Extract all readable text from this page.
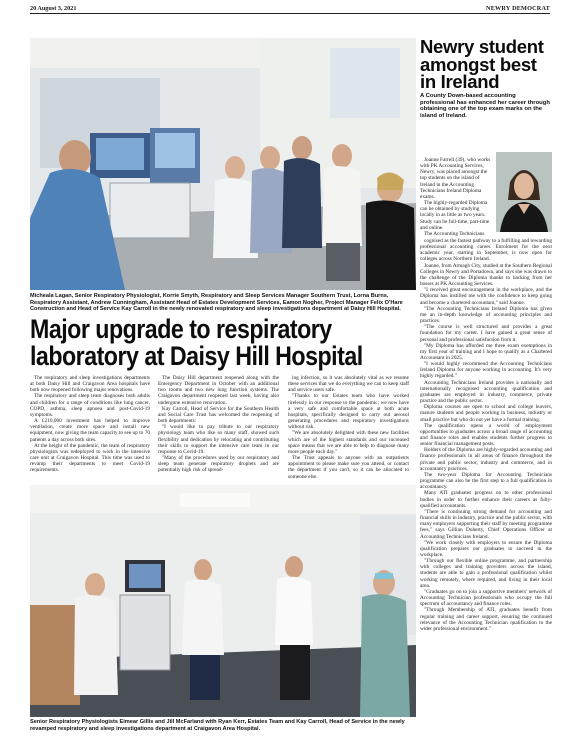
20 August 3, 2021	NEWRY DEMOCRAT
Micheala Lagan, Senior Respiratory Physiologist, Korrie Smyth, Respiratory and Sleep Services Manager Southern Trust, Lorna Burns, Respiratory Assistant, Andrew Cunningham, Assistant Head of Estates Development Services, Eamon Nogher, Project Manager Felix O'Hare Construction and Head of Service Kay Carroll in the newly renovated respiratory and sleep investigations department at Daisy Hill Hospital.
Major upgrade to respiratory
laboratory at Daisy Hill Hospital

The respiratory and sleep investigations departments at both Daisy Hill and Craigavon Area hospitals have both now reopened following major renovations.

The respiratory and sleep team diagnoses both adults and children for a range of conditions like lung cancer, COPD, asthma, sleep apnoea and post-Covid-19 symptoms.

A £210,000 investment has helped to improve ventilation, create more space and install new equipment, now giving the team capacity to see up to 70 patients a day across both sites.

At the height of the pandemic, the team of respiratory physiologists was redeployed to work in the intensive care unit at Craigavon Hospital. This time was used to revamp their departments to meet Covid-19 requirements.

The Daisy Hill department reopened along with the Emergency Department in October with an additional two rooms and two new lung function systems. The Craigavon department reopened last week, having also undergone extensive renovation.

Kay Carroll, Head of Service for the Southern Health and Social Care Trust has welcomed the reopening of both departments:

"I would like to pay tribute to our respiratory physiology team who like so many staff, showed such flexibility and dedication by relocating and contributing their skills to support the intensive care team in our response to Covid-19.

"Many of the procedures used by our respiratory and sleep team generate respiratory droplets and are potentially high risk of spread-

ing infection, so it was absolutely vital as we resume these services that we do everything we can to keep staff and service users safe.

"Thanks to our Estates team who have worked tirelessly in our response to the pandemic, we now have a very safe and comfortable space at both acute hospitals, specifically designed to carry out aerosol generating procedures and respiratory investigations without risk.

"We are absolutely delighted with these new facilities which are of the highest standards and our increased space means that we are able to help to diagnose many more people each day."

The Trust appeals to anyone with an outpatients appointment to please make sure you attend, or contact the department if you can't, so it can be allocated to someone else.

Senior Respiratory Physiologists Eimear Gillis and Jill McFarland with Ryan Kerr, Estates Team and Kay Carroll, Head of Service in the newly revamped respiratory and sleep investigations department at Craigavon Area Hospital.
Newry student
amongst best
in Ireland
A County Down-based accounting professional has enhanced her career through obtaining one of the top exam marks on the island of Ireland.

Joanne Farrell (39), who works with PK Accounting Services, Newry, was placed amongst the top students on the island of Ireland in the Accounting Technicians Ireland Diploma exams.

The highly-regarded Diploma can be obtained by studying locally in as little as two years. Study can be full-time, part-time and online.

The Accounting Technicians

cognised as the fastest pathway to a fulfilling and rewarding professional accounting career. Enrolment for the next academic year, starting in September, is now open for colleges across Northern Ireland.

Joanne, from Armagh City, studied at the Southern Regional Colleges in Newry and Portadown, and says she was drawn to the challenge of the Diploma thanks to backing from her bosses at PK Accounting Services.

"I received great encouragement in the workplace, and the Diploma has instilled me with the confidence to keep going and become a chartered accountant," said Joanne.

"The Accounting Technicians Ireland Diploma has given me an in-depth knowledge of accounting principles and practices.

"The course is well structured and provides a great foundation for my career. I have gained a great sense of personal and professional satisfaction from it.

"My Diploma has afforded me three exam exemptions in my first year of training and I hope to qualify as a Chartered Accountant in 2025.

"I would highly recommend the Accounting Technicians Ireland Diploma for anyone working in accounting. It's very highly regarded."

Accounting Technicians Ireland provides a nationally and internationally recognised accounting qualification and graduates are employed in industry, commerce, private practice and the public sector.

Diploma courses are open to school and college leavers, mature students and people working in business, industry or small practice but who do not yet have a formal training.

The qualification opens a world of employment opportunities to graduates across a broad range of accounting and finance roles and enables students further progress to senior financial management posts.

Holders of the Diploma are highly-regarded accounting and finance professionals in all areas of finance throughout the private and public sector, industry and commerce, and in accountancy practices.

The two-year Diploma for Accounting Technicians programme can also be the first step to a full qualification in accountancy.

Many ATI graduates progress on to other professional bodies in order to further enhance their careers as fully-qualified accountants.

"There is continuing strong demand for accounting and financial skills in industry, practice and the public sector, with many employers supporting their staff by meeting programme fees," says Gillian Doherty, Chief Operations Officer at Accounting Technicians Ireland.

"We work closely with employers to ensure the Diploma qualification prepares our graduates to succeed in the workplace.

"Through our flexible online programme, and partnership with colleges and training providers across the island, students are able to gain a professional qualification whilst working remotely, where required, and living in their local area.

"Graduates go on to join a supportive members' network of Accounting Technician professionals who occupy the full spectrum of accountancy and finance roles.

"Through Membership of ATI, graduates benefit from regular training and career support, ensuring the continued relevance of the Accounting Technician qualification to the wider professional environment."
